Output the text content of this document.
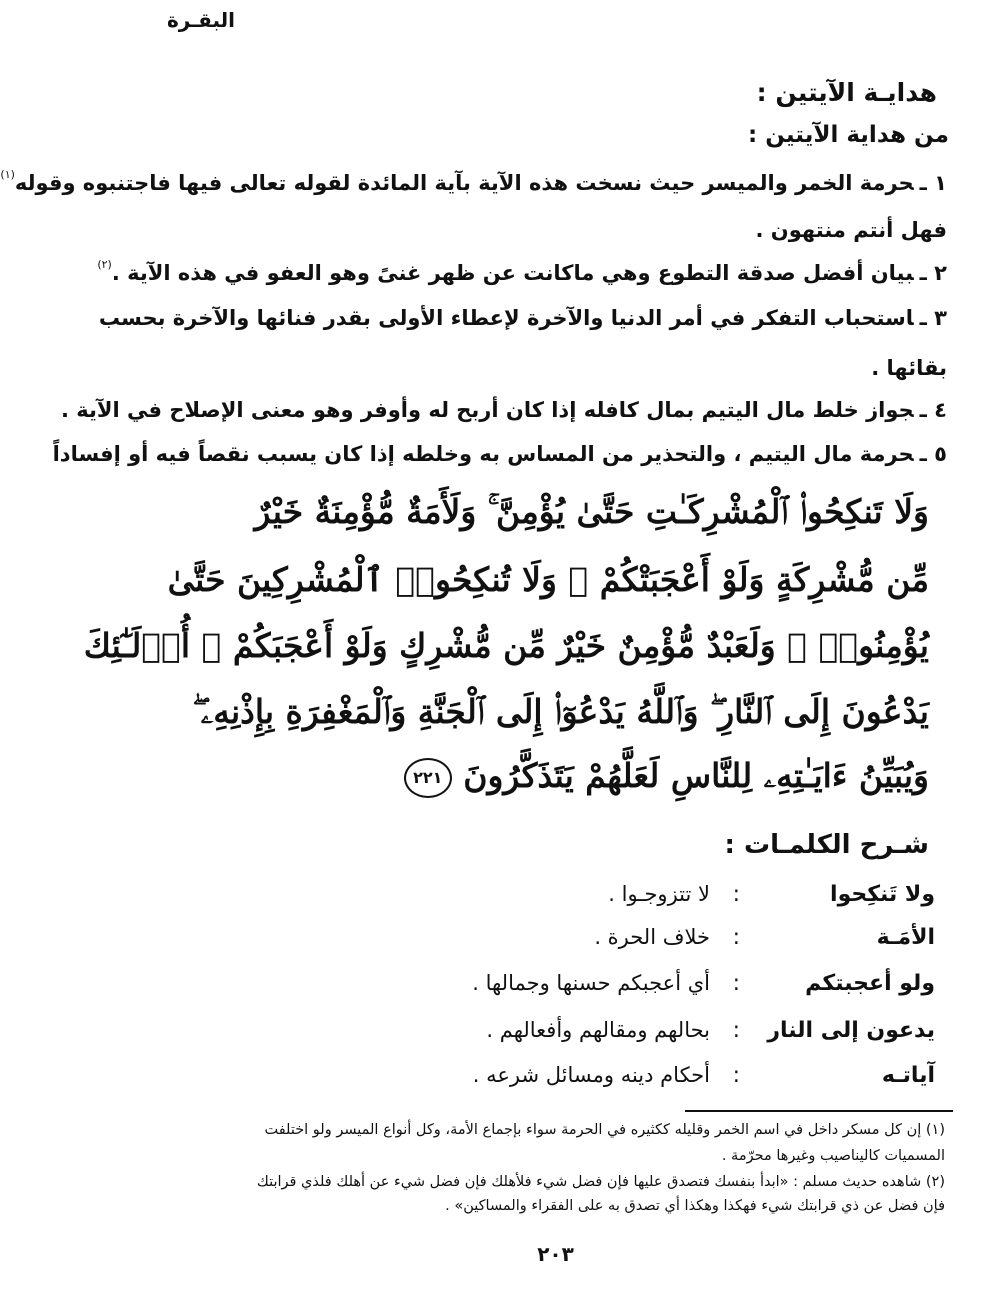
البقـرة
هدايـة الآيتين :
من هداية الآيتين :
١ ـحرمة الخمر والميسر حيث نسخت هذه الآية بآية المائدة لقوله تعالى فيها فاجتنبوه وقوله$^{(١)}$
فهل أنتم منتهون .
٢ ـبيان أفضل صدقة التطوع وهي ماكانت عن ظهر غنىً وهو العفو في هذه الآية .$^{(٢)}$
٣ ـاستحباب التفكر في أمر الدنيا والآخرة لإعطاء الأولى بقدر فنائها والآخرة بحسب
بقائها .
٤ ـجواز خلط مال اليتيم بمال كافله إذا كان أربح له وأوفر وهو معنى الإصلاح في الآية .
٥ ـحرمة مال اليتيم ، والتحذير من المساس به وخلطه إذا كان يسبب نقصاً فيه أو إفساداً
وَلَا تَنكِحُوا۟ ٱلْمُشْرِكَـٰتِ حَتَّىٰ يُؤْمِنَّ ۚ وَلَأَمَةٌ مُّؤْمِنَةٌ خَيْرٌ
مِّن مُّشْرِكَةٍ وَلَوْ أَعْجَبَتْكُمْ ۗ وَلَا تُنكِحُوا۟ ٱلْمُشْرِكِينَ حَتَّىٰ
يُؤْمِنُوا۟ ۚ وَلَعَبْدٌ مُّؤْمِنٌ خَيْرٌ مِّن مُّشْرِكٍ وَلَوْ أَعْجَبَكُمْ ۗ أُو۟لَـٰٓئِكَ
يَدْعُونَ إِلَى ٱلنَّارِ ۖ وَٱللَّهُ يَدْعُوٓا۟ إِلَى ٱلْجَنَّةِ وَٱلْمَغْفِرَةِ بِإِذْنِهِۦ ۖ
وَيُبَيِّنُ ءَايَـٰتِهِۦ لِلنَّاسِ لَعَلَّهُمْ يَتَذَكَّرُونَ ٢٢١
شـرح الكلمـات :
ولا تَنكِحوا
:
لا تتزوجـوا .
الأمَـة
:
خلاف الحرة .
ولو أعجبتكم
:
أي أعجبكم حسنها وجمالها .
يدعون إلى النار
:
بحالهم ومقالهم وأفعالهم .
آياتـه
:
أحكام دينه ومسائل شرعه .
(١) إن كل مسكر داخل في اسم الخمر وقليله ككثيره في الحرمة سواء بإجماع الأمة، وكل أنواع الميسر ولو اختلفت
المسميات كاليناصيب وغيرها محرّمة .
(٢) شاهده حديث مسلم : «ابدأ بنفسك فتصدق عليها فإن فضل شيء فلأهلك فإن فضل شيء عن أهلك فلذي قرابتك
فإن فضل عن ذي قرابتك شيء فهكذا وهكذا أي تصدق به على الفقراء والمساكين» .
٢٠٣
